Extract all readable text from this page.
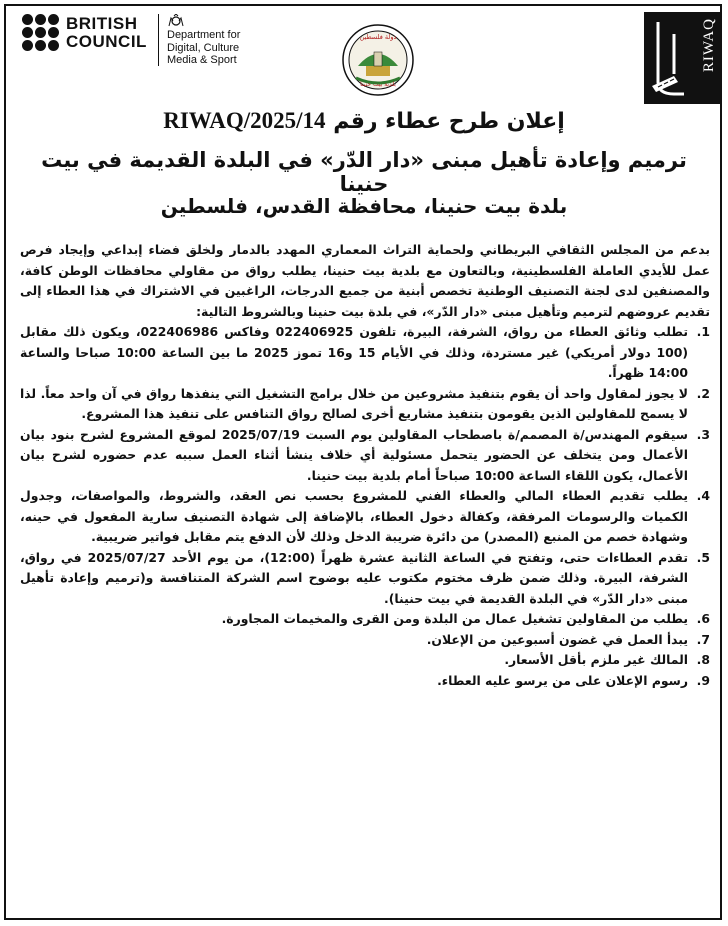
BRITISH
COUNCIL Department for
Digital, Culture
Media & Sport
دولة فلسطين
بلدية بيت حنينا
RIWAQ
إعلان طرح عطاء رقم RIWAQ/2025/14
ترميم وإعادة تأهيل مبنى «دار الدّر» في البلدة القديمة في بيت حنينا
بلدة بيت حنينا، محافظة القدس، فلسطين

بدعم من المجلس الثقافي البريطاني ولحماية التراث المعماري المهدد بالدمار ولخلق فضاء إبداعي وإيجاد فرص عمل للأيدي العاملة الفلسطينية، وبالتعاون مع بلدية بيت حنينا، يطلب رواق من مقاولي محافظات الوطن كافة، والمصنفين لدى لجنة التصنيف الوطنية تخصص أبنية من جميع الدرجات، الراغبين في الاشتراك في هذا العطاء إلى تقديم عروضهم لترميم وتأهيل مبنى «دار الدّر»، في بلدة بيت حنينا وبالشروط التالية:

1.
تطلب وثائق العطاء من رواق، الشرفة، البيرة، تلفون 022406925 وفاكس 022406986، ويكون ذلك مقابل (100 دولار أمريكي) غير مستردة، وذلك في الأيام 15 و16 تموز 2025 ما بين الساعة 10:00 صباحا والساعة 14:00 ظهراً.
2.
لا يجوز لمقاول واحد أن يقوم بتنفيذ مشروعين من خلال برامج التشغيل التي ينفذها رواق في آن واحد معاً. لذا لا يسمح للمقاولين الذين يقومون بتنفيذ مشاريع أخرى لصالح رواق التنافس على تنفيذ هذا المشروع.
3.
سيقوم المهندس/ة المصمم/ة باصطحاب المقاولين يوم السبت 2025/07/19 لموقع المشروع لشرح بنود بيان الأعمال ومن يتخلف عن الحضور يتحمل مسئولية أي خلاف ينشأ أثناء العمل سببه عدم حضوره لشرح بيان الأعمال، يكون اللقاء الساعة 10:00 صباحاً أمام بلدية بيت حنينا.
4.
يطلب تقديم العطاء المالي والعطاء الفني للمشروع بحسب نص العقد، والشروط، والمواصفات، وجدول الكميات والرسومات المرفقة، وكفالة دخول العطاء، بالإضافة إلى شهادة التصنيف سارية المفعول في حينه، وشهادة خصم من المنبع (المصدر) من دائرة ضريبة الدخل وذلك لأن الدفع يتم مقابل فواتير ضريبية.
5.
تقدم العطاءات حتى، وتفتح في الساعة الثانية عشرة ظهراً (12:00)، من يوم الأحد 2025/07/27 في رواق، الشرفة، البيرة. وذلك ضمن ظرف مختوم مكتوب عليه بوضوح اسم الشركة المتنافسة و(ترميم وإعادة تأهيل مبنى «دار الدّر» في البلدة القديمة في بيت حنينا).
6.
يطلب من المقاولين تشغيل عمال من البلدة ومن القرى والمخيمات المجاورة.
7.
يبدأ العمل في غضون أسبوعين من الإعلان.
8.
المالك غير ملزم بأقل الأسعار.
9.
رسوم الإعلان على من يرسو عليه العطاء.
